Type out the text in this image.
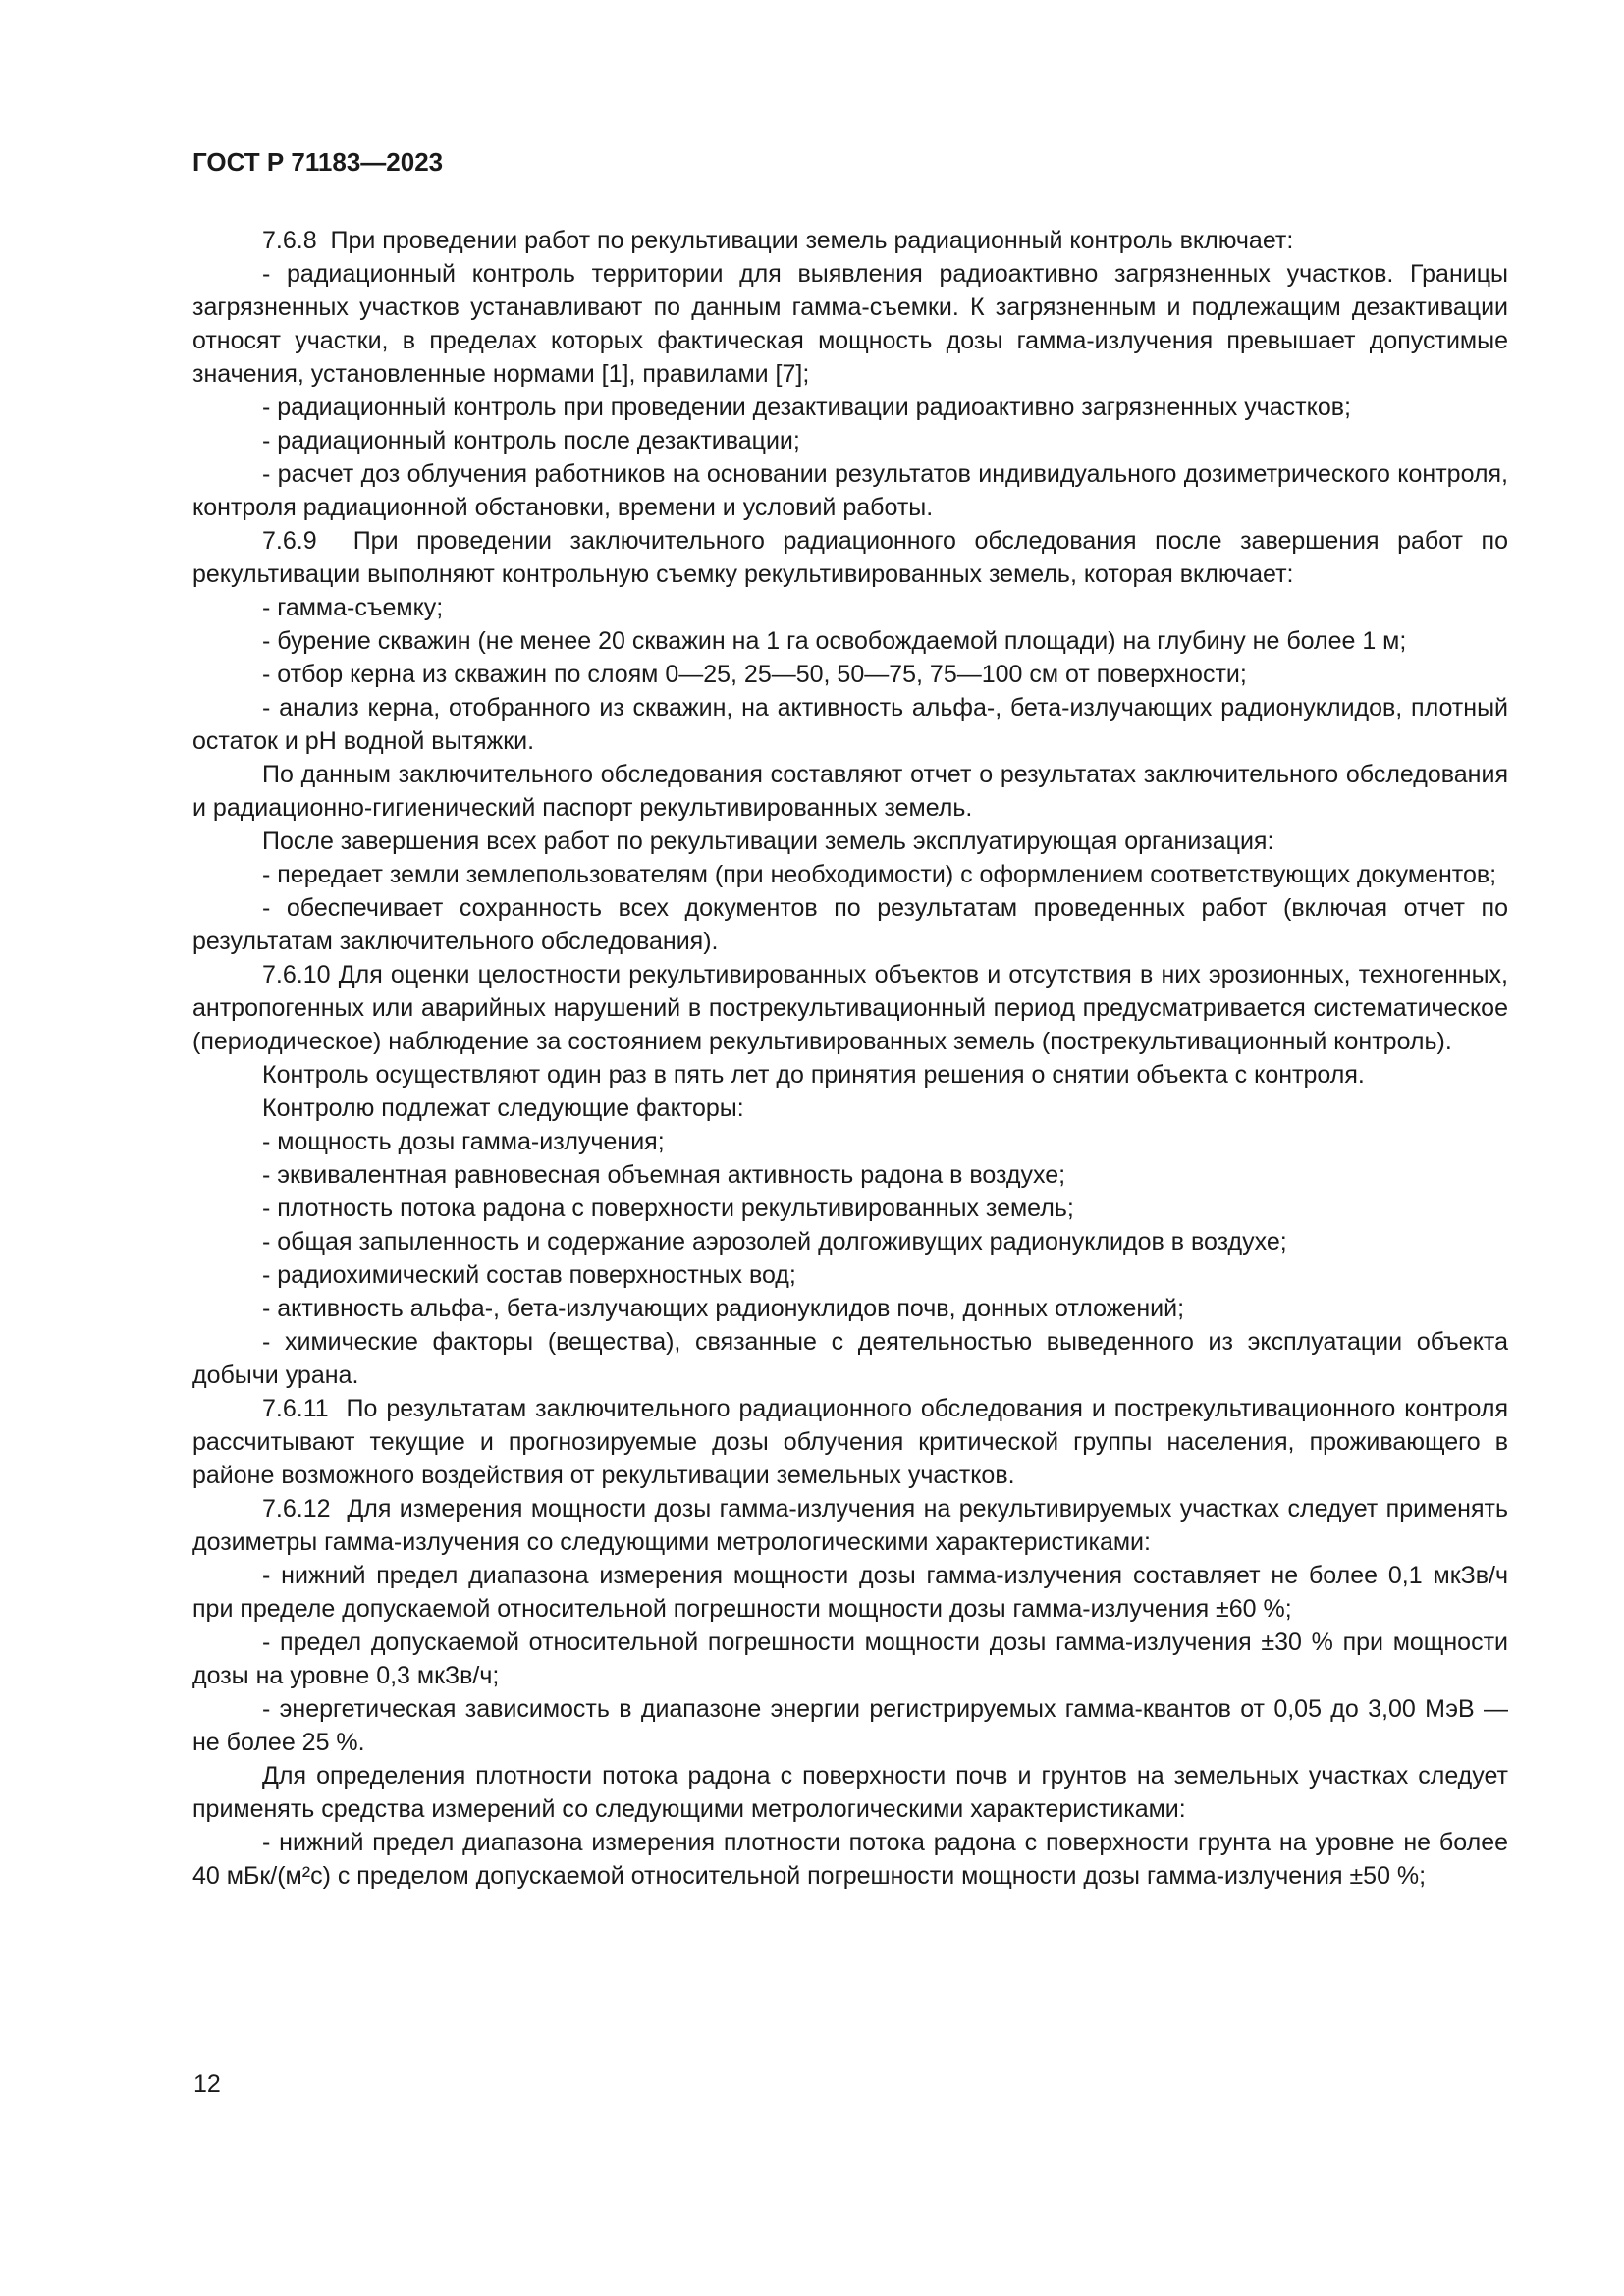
ГОСТ Р 71183—2023

7.6.8  При проведении работ по рекультивации земель радиационный контроль включает:

- радиационный контроль территории для выявления радиоактивно загрязненных участков. Границы загрязненных участков устанавливают по данным гамма-съемки. К загрязненным и подлежащим дезактивации относят участки, в пределах которых фактическая мощность дозы гамма-излучения превышает допустимые значения, установленные нормами [1], правилами [7];

- радиационный контроль при проведении дезактивации радиоактивно загрязненных участков;

- радиационный контроль после дезактивации;

- расчет доз облучения работников на основании результатов индивидуального дозиметрического контроля, контроля радиационной обстановки, времени и условий работы.

7.6.9  При проведении заключительного радиационного обследования после завершения работ по рекультивации выполняют контрольную съемку рекультивированных земель, которая включает:

- гамма-съемку;

- бурение скважин (не менее 20 скважин на 1 га освобождаемой площади) на глубину не более 1 м;

- отбор керна из скважин по слоям 0—25, 25—50, 50—75, 75—100 см от поверхности;

- анализ керна, отобранного из скважин, на активность альфа-, бета-излучающих радионуклидов, плотный остаток и pH водной вытяжки.

По данным заключительного обследования составляют отчет о результатах заключительного обследования и радиационно-гигиенический паспорт рекультивированных земель.

После завершения всех работ по рекультивации земель эксплуатирующая организация:

- передает земли землепользователям (при необходимости) с оформлением соответствующих документов;

- обеспечивает сохранность всех документов по результатам проведенных работ (включая отчет по результатам заключительного обследования).

7.6.10 Для оценки целостности рекультивированных объектов и отсутствия в них эрозионных, техногенных, антропогенных или аварийных нарушений в пострекультивационный период предусматривается систематическое (периодическое) наблюдение за состоянием рекультивированных земель (пострекультивационный контроль).

Контроль осуществляют один раз в пять лет до принятия решения о снятии объекта с контроля.

Контролю подлежат следующие факторы:

- мощность дозы гамма-излучения;

- эквивалентная равновесная объемная активность радона в воздухе;

- плотность потока радона с поверхности рекультивированных земель;

- общая запыленность и содержание аэрозолей долгоживущих радионуклидов в воздухе;

- радиохимический состав поверхностных вод;

- активность альфа-, бета-излучающих радионуклидов почв, донных отложений;

- химические факторы (вещества), связанные с деятельностью выведенного из эксплуатации объекта добычи урана.

7.6.11  По результатам заключительного радиационного обследования и пострекультивационного контроля рассчитывают текущие и прогнозируемые дозы облучения критической группы населения, проживающего в районе возможного воздействия от рекультивации земельных участков.

7.6.12  Для измерения мощности дозы гамма-излучения на рекультивируемых участках следует применять дозиметры гамма-излучения со следующими метрологическими характеристиками:

- нижний предел диапазона измерения мощности дозы гамма-излучения составляет не более 0,1 мкЗв/ч при пределе допускаемой относительной погрешности мощности дозы гамма-излучения ±60 %;

- предел допускаемой относительной погрешности мощности дозы гамма-излучения ±30 % при мощности дозы на уровне 0,3 мкЗв/ч;

- энергетическая зависимость в диапазоне энергии регистрируемых гамма-квантов от 0,05 до 3,00 МэВ — не более 25 %.

Для определения плотности потока радона с поверхности почв и грунтов на земельных участках следует применять средства измерений со следующими метрологическими характеристиками:

- нижний предел диапазона измерения плотности потока радона с поверхности грунта на уровне не более 40 мБк/(м²с) с пределом допускаемой относительной погрешности мощности дозы гамма-излучения ±50 %;

12
